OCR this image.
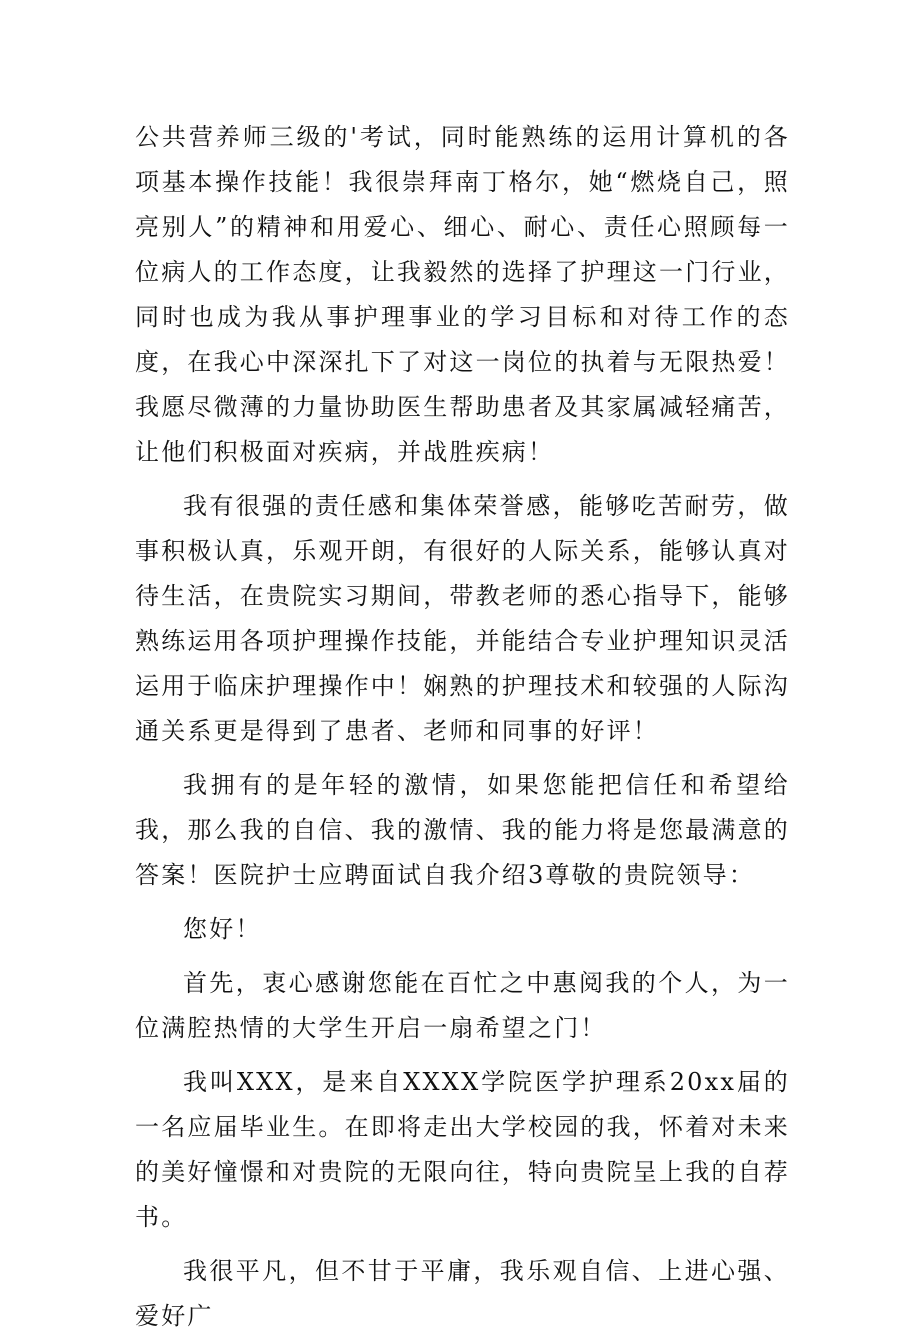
公共营养师三级的'考试，同时能熟练的运用计算机的各项基本操作技能！我很崇拜南丁格尔，她“燃烧自己，照亮别人”的精神和用爱心、细心、耐心、责任心照顾每一位病人的工作态度，让我毅然的选择了护理这一门行业，同时也成为我从事护理事业的学习目标和对待工作的态度，在我心中深深扎下了对这一岗位的执着与无限热爱！我愿尽微薄的力量协助医生帮助患者及其家属减轻痛苦，让他们积极面对疾病，并战胜疾病！

我有很强的责任感和集体荣誉感，能够吃苦耐劳，做事积极认真，乐观开朗，有很好的人际关系，能够认真对待生活，在贵院实习期间，带教老师的悉心指导下，能够熟练运用各项护理操作技能，并能结合专业护理知识灵活运用于临床护理操作中！娴熟的护理技术和较强的人际沟通关系更是得到了患者、老师和同事的好评！

我拥有的是年轻的激情，如果您能把信任和希望给我，那么我的自信、我的激情、我的能力将是您最满意的答案！医院护士应聘面试自我介绍3尊敬的贵院领导：

您好！

首先，衷心感谢您能在百忙之中惠阅我的个人，为一位满腔热情的大学生开启一扇希望之门！

我叫XXX，是来自XXXX学院医学护理系20xx届的一名应届毕业生。在即将走出大学校园的我，怀着对未来的美好憧憬和对贵院的无限向往，特向贵院呈上我的自荐书。

我很平凡，但不甘于平庸，我乐观自信、上进心强、爱好广
